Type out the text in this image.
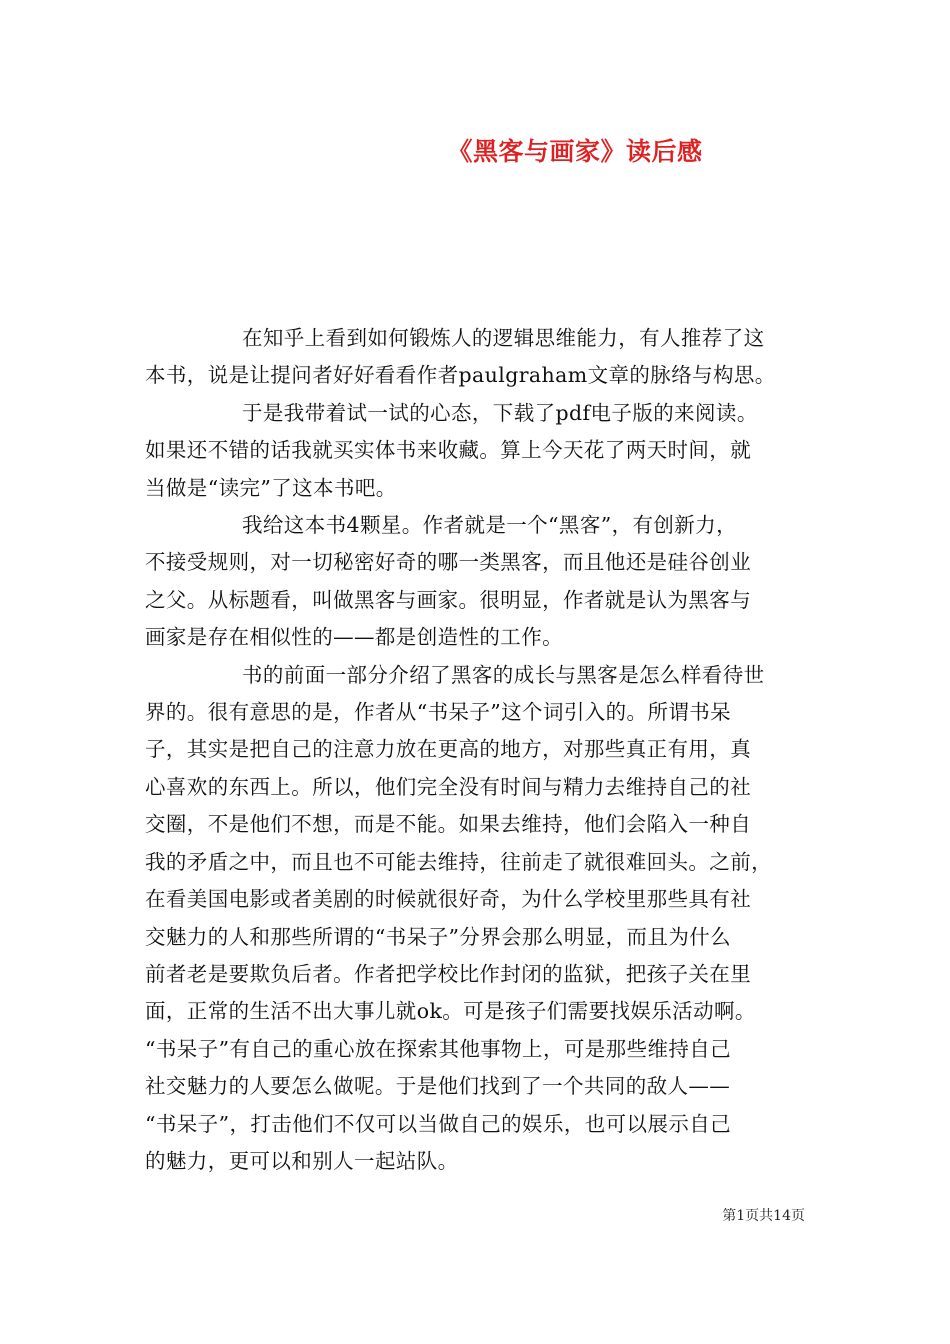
《黑客与画家》读后感

在知乎上看到如何锻炼人的逻辑思维能力，有人推荐了这
本书，说是让提问者好好看看作者paulgraham文章的脉络与构思。

于是我带着试一试的心态，下载了pdf电子版的来阅读。
如果还不错的话我就买实体书来收藏。算上今天花了两天时间，就
当做是“读完”了这本书吧。

我给这本书4颗星。作者就是一个“黑客”，有创新力，
不接受规则，对一切秘密好奇的哪一类黑客，而且他还是硅谷创业
之父。从标题看，叫做黑客与画家。很明显，作者就是认为黑客与
画家是存在相似性的——都是创造性的工作。

书的前面一部分介绍了黑客的成长与黑客是怎么样看待世
界的。很有意思的是，作者从“书呆子”这个词引入的。所谓书呆
子，其实是把自己的注意力放在更高的地方，对那些真正有用，真
心喜欢的东西上。所以，他们完全没有时间与精力去维持自己的社
交圈，不是他们不想，而是不能。如果去维持，他们会陷入一种自
我的矛盾之中，而且也不可能去维持，往前走了就很难回头。之前，
在看美国电影或者美剧的时候就很好奇，为什么学校里那些具有社
交魅力的人和那些所谓的“书呆子”分界会那么明显，而且为什么
前者老是要欺负后者。作者把学校比作封闭的监狱，把孩子关在里
面，正常的生活不出大事儿就ok。可是孩子们需要找娱乐活动啊。
“书呆子”有自己的重心放在探索其他事物上，可是那些维持自己
社交魅力的人要怎么做呢。于是他们找到了一个共同的敌人——
“书呆子”，打击他们不仅可以当做自己的娱乐，也可以展示自己
的魅力，更可以和别人一起站队。

第1页共14页
